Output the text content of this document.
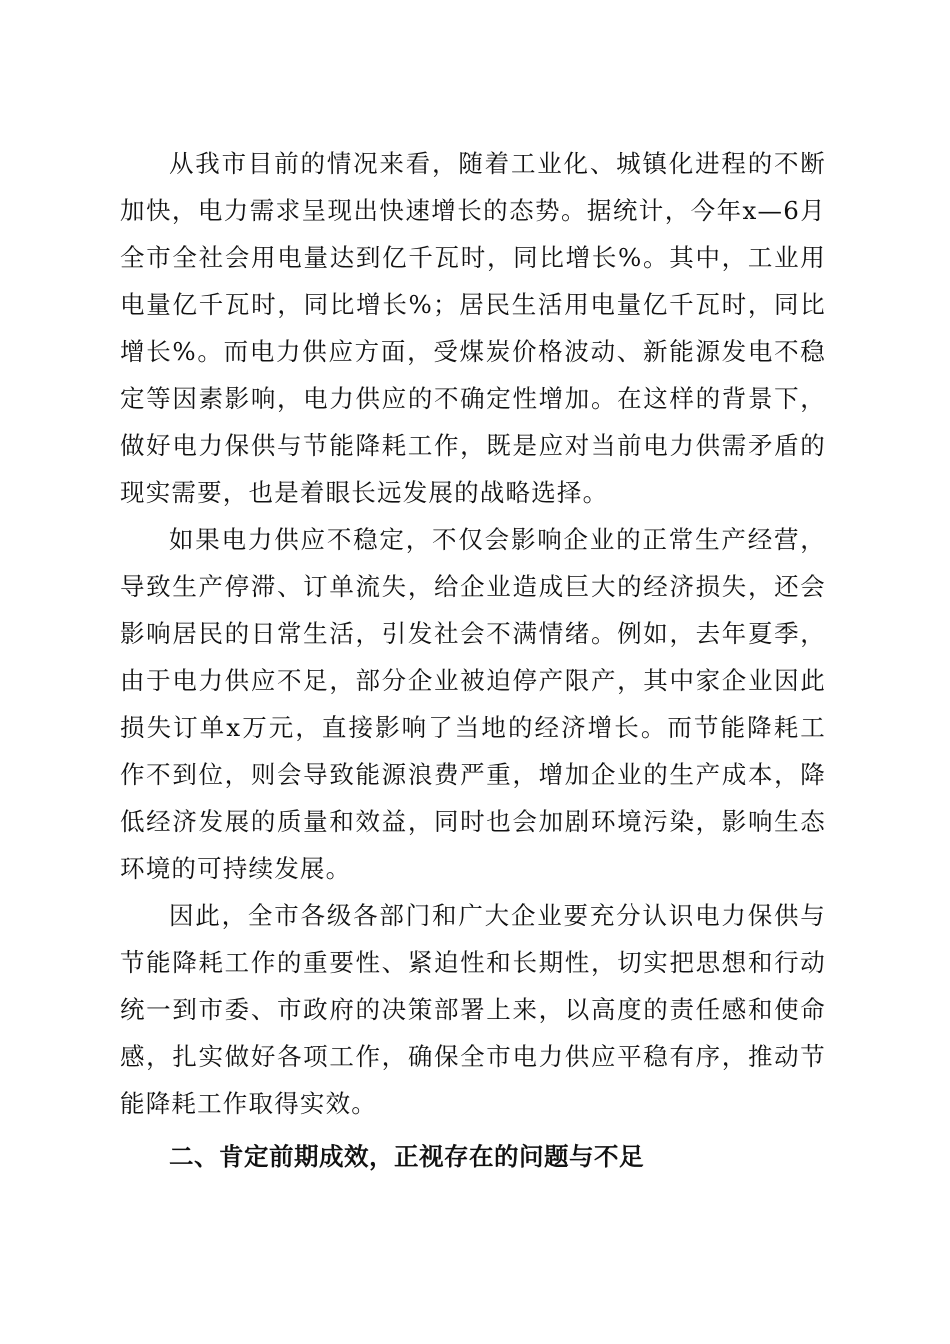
从我市目前的情况来看，随着工业化、城镇化进程的不断加快，电力需求呈现出快速增长的态势。据统计，今年x—6月全市全社会用电量达到亿千瓦时，同比增长%。其中，工业用电量亿千瓦时，同比增长%；居民生活用电量亿千瓦时，同比增长%。而电力供应方面，受煤炭价格波动、新能源发电不稳定等因素影响，电力供应的不确定性增加。在这样的背景下，做好电力保供与节能降耗工作，既是应对当前电力供需矛盾的现实需要，也是着眼长远发展的战略选择。

如果电力供应不稳定，不仅会影响企业的正常生产经营，导致生产停滞、订单流失，给企业造成巨大的经济损失，还会影响居民的日常生活，引发社会不满情绪。例如，去年夏季，由于电力供应不足，部分企业被迫停产限产，其中家企业因此损失订单x万元，直接影响了当地的经济增长。而节能降耗工作不到位，则会导致能源浪费严重，增加企业的生产成本，降低经济发展的质量和效益，同时也会加剧环境污染，影响生态环境的可持续发展。

因此，全市各级各部门和广大企业要充分认识电力保供与节能降耗工作的重要性、紧迫性和长期性，切实把思想和行动统一到市委、市政府的决策部署上来，以高度的责任感和使命感，扎实做好各项工作，确保全市电力供应平稳有序，推动节能降耗工作取得实效。

二、肯定前期成效，正视存在的问题与不足
